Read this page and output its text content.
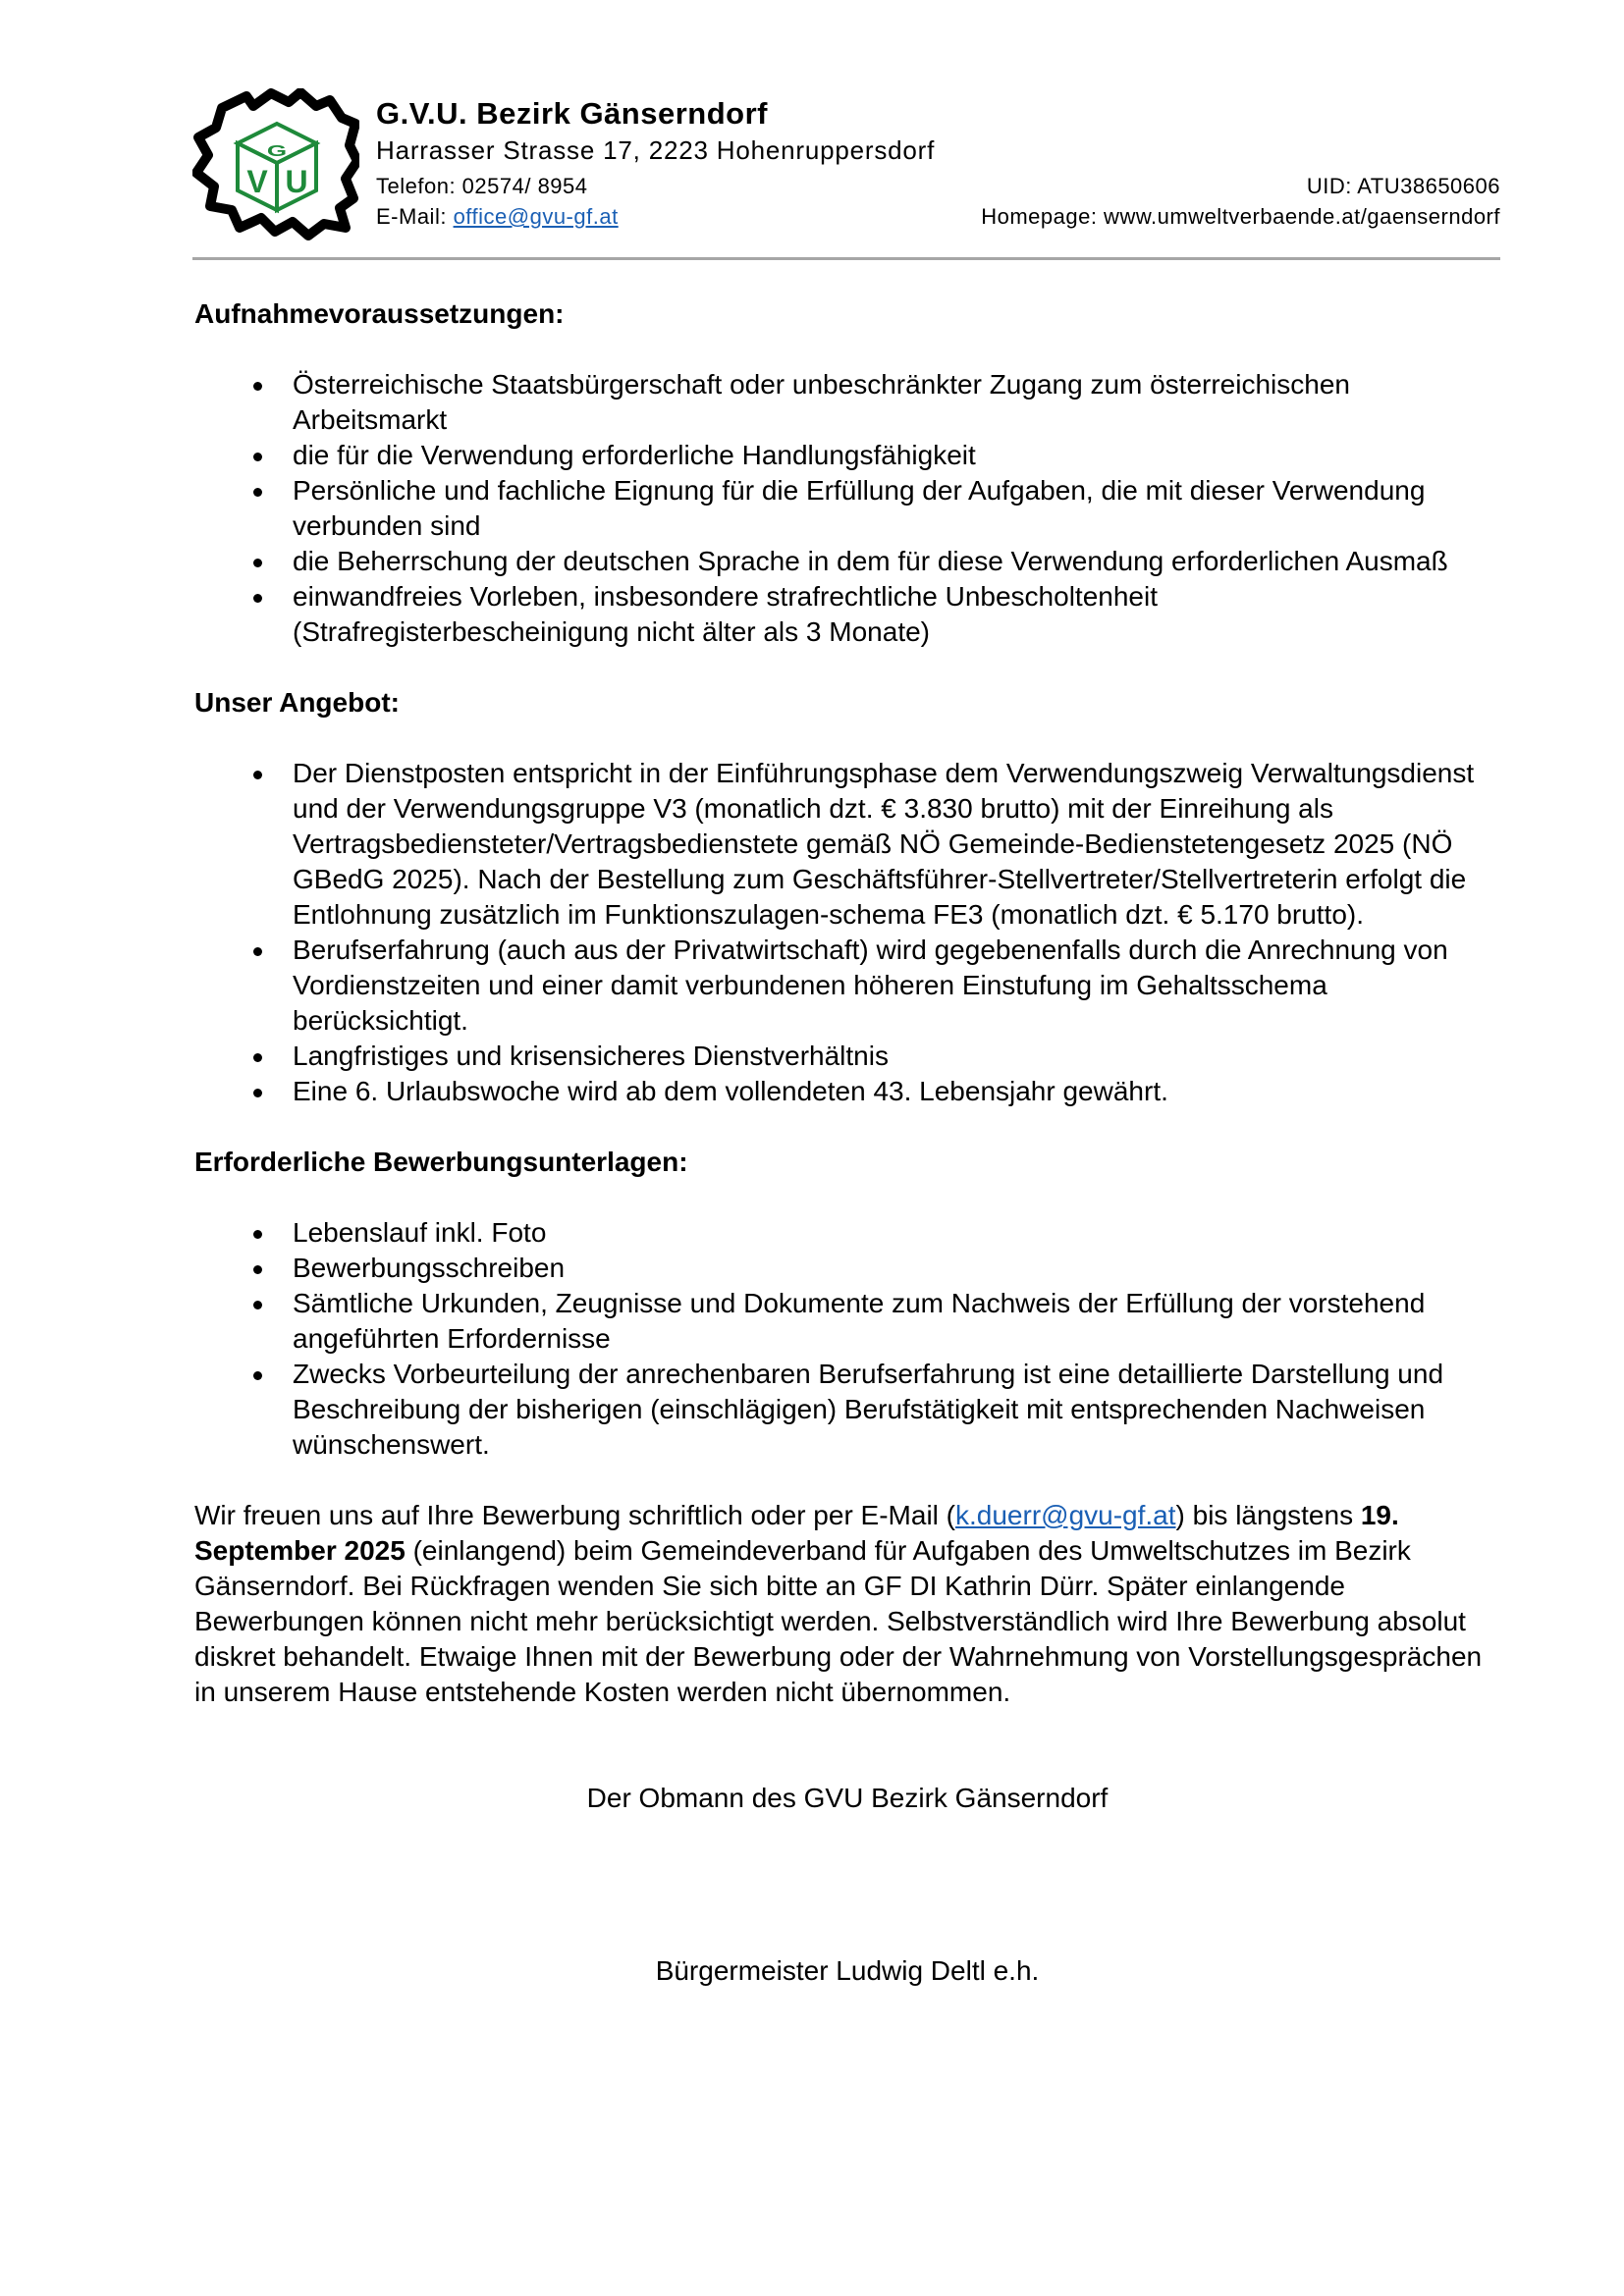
G
V U
G.V.U. Bezirk Gänserndorf
Harrasser Strasse 17, 2223 Hohenruppersdorf
Telefon: 02574/ 8954	UID: ATU38650606
E-Mail: office@gvu-gf.at	Homepage: www.umweltverbaende.at/gaenserndorf

Aufnahmevoraussetzungen:

Österreichische Staatsbürgerschaft oder unbeschränkter Zugang zum österreichischen Arbeitsmarkt
die für die Verwendung erforderliche Handlungsfähigkeit
Persönliche und fachliche Eignung für die Erfüllung der Aufgaben, die mit dieser Verwendung verbunden sind
die Beherrschung der deutschen Sprache in dem für diese Verwendung erforderlichen Ausmaß
einwandfreies Vorleben, insbesondere strafrechtliche Unbescholtenheit (Strafregisterbescheinigung nicht älter als 3 Monate)

Unser Angebot:

Der Dienstposten entspricht in der Einführungsphase dem Verwendungszweig Verwaltungsdienst und der Verwendungsgruppe V3 (monatlich dzt. € 3.830 brutto) mit der Einreihung als Vertragsbediensteter/Vertragsbedienstete gemäß NÖ Gemeinde-Bedienstetengesetz 2025 (NÖ GBedG 2025). Nach der Bestellung zum Geschäftsführer-Stellvertreter/Stellvertreterin erfolgt die Entlohnung zusätzlich im Funktionszulagen-schema FE3 (monatlich dzt. € 5.170 brutto).
Berufserfahrung (auch aus der Privatwirtschaft) wird gegebenenfalls durch die Anrechnung von Vordienstzeiten und einer damit verbundenen höheren Einstufung im Gehaltsschema berücksichtigt.
Langfristiges und krisensicheres Dienstverhältnis
Eine 6. Urlaubswoche wird ab dem vollendeten 43. Lebensjahr gewährt.

Erforderliche Bewerbungsunterlagen:

Lebenslauf inkl. Foto
Bewerbungsschreiben
Sämtliche Urkunden, Zeugnisse und Dokumente zum Nachweis der Erfüllung der vorstehend angeführten Erfordernisse
Zwecks Vorbeurteilung der anrechenbaren Berufserfahrung ist eine detaillierte Darstellung und Beschreibung der bisherigen (einschlägigen) Berufstätigkeit mit entsprechenden Nachweisen wünschenswert.

Wir freuen uns auf Ihre Bewerbung schriftlich oder per E-Mail (k.duerr@gvu-gf.at) bis längstens 19. September 2025 (einlangend) beim Gemeindeverband für Aufgaben des Umweltschutzes im Bezirk Gänserndorf. Bei Rückfragen wenden Sie sich bitte an GF DI Kathrin Dürr. Später einlangende Bewerbungen können nicht mehr berücksichtigt werden. Selbstverständlich wird Ihre Bewerbung absolut diskret behandelt. Etwaige Ihnen mit der Bewerbung oder der Wahrnehmung von Vorstellungsgesprächen in unserem Hause entstehende Kosten werden nicht übernommen.

Der Obmann des GVU Bezirk Gänserndorf
Bürgermeister Ludwig Deltl e.h.
